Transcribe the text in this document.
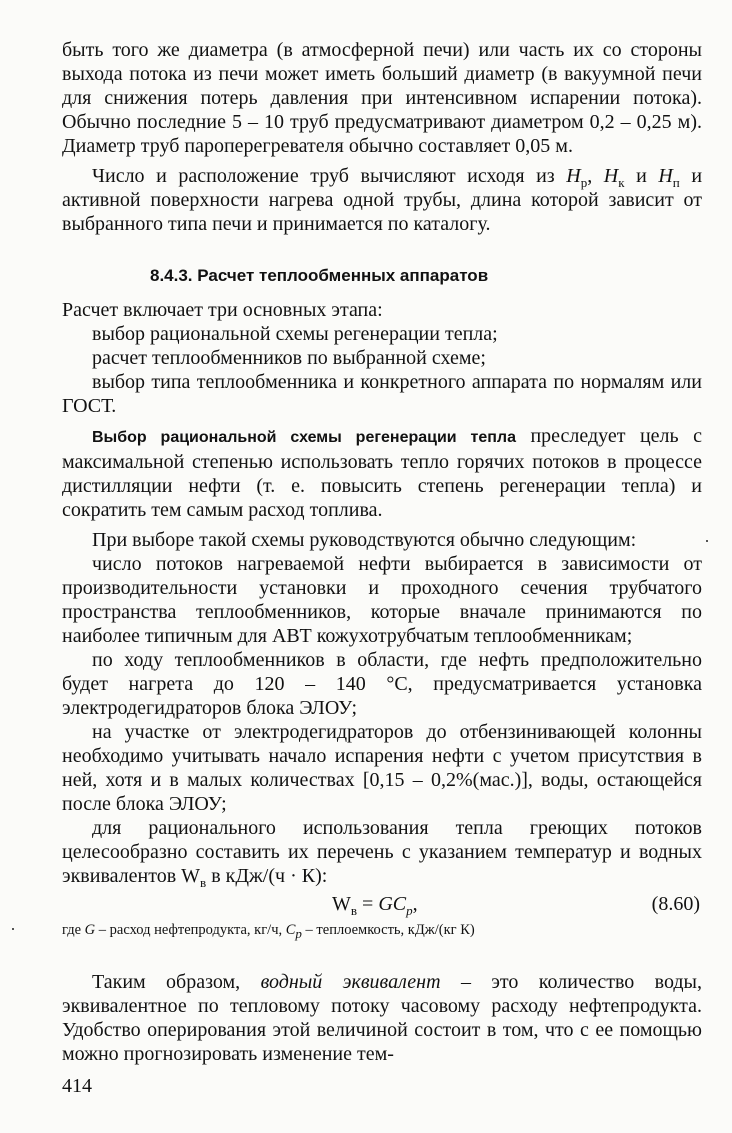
быть того же диаметра (в атмосферной печи) или часть их со стороны выхода потока из печи может иметь больший диаметр (в вакуумной печи для снижения потерь давления при интенсивном испарении потока). Обычно последние 5 – 10 труб предусматривают диаметром 0,2 – 0,25 м). Диаметр труб пароперегревателя обычно составляет 0,05 м.

Число и расположение труб вычисляют исходя из $H_р$, $H_к$ и $H_п$ и активной поверхности нагрева одной трубы, длина которой зависит от выбранного типа печи и принимается по каталогу.

8.4.3. Расчет теплообменных аппаратов

Расчет включает три основных этапа:

выбор рациональной схемы регенерации тепла;

расчет теплообменников по выбранной схеме;

выбор типа теплообменника и конкретного аппарата по нормалям или ГОСТ.

Выбор рациональной схемы регенерации тепла преследует цель с максимальной степенью использовать тепло горячих потоков в процессе дистилляции нефти (т. е. повысить степень регенерации тепла) и сократить тем самым расход топлива.

При выборе такой схемы руководствуются обычно следующим:

число потоков нагреваемой нефти выбирается в зависимости от производительности установки и проходного сечения трубчатого пространства теплообменников, которые вначале принимаются по наиболее типичным для АВТ кожухотрубчатым теплообменникам;

по ходу теплообменников в области, где нефть предположительно будет нагрета до 120 – 140 °С, предусматривается установка электродегидраторов блока ЭЛОУ;

на участке от электродегидраторов до отбензинивающей колонны необходимо учитывать начало испарения нефти с учетом присутствия в ней, хотя и в малых количествах [0,15 – 0,2%(мас.)], воды, остающейся после блока ЭЛОУ;

для рационального использования тепла греющих потоков целесообразно составить их перечень с указанием температур и водных эквивалентов $W_в$ в кДж/(ч · К):

$W_в = GC_p$,	(8.60)
где G – расход нефтепродукта, кг/ч, $C_p$ – теплоемкость, кДж/(кг К)

Таким образом, водный эквивалент – это количество воды, эквивалентное по тепловому потоку часовому расходу нефтепродукта. Удобство оперирования этой величиной состоит в том, что с ее помощью можно прогнозировать изменение тем-

414
